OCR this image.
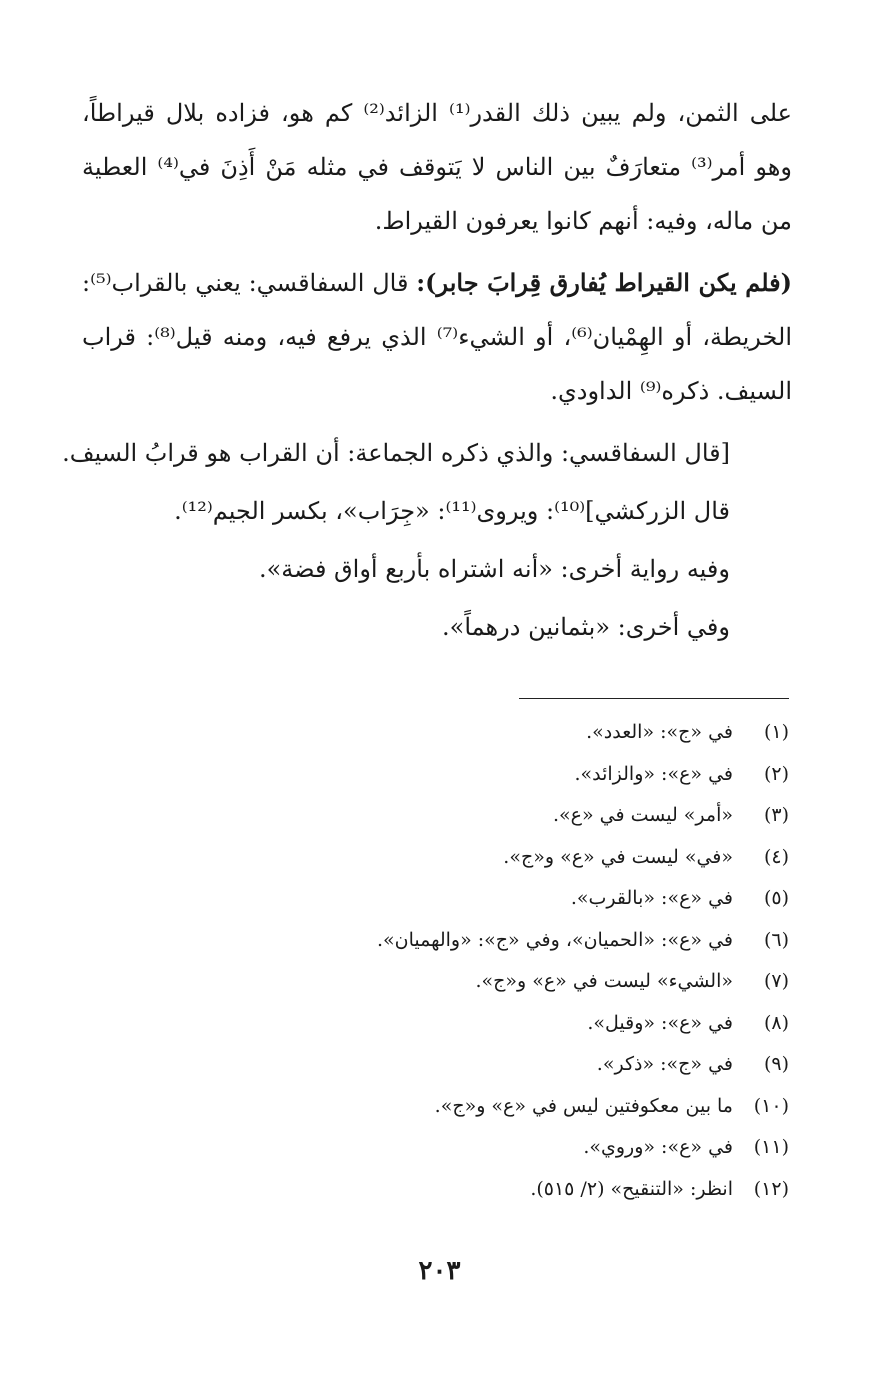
على الثمن، ولم يبين ذلك القدر⁽¹⁾ الزائد⁽²⁾ كم هو، فزاده بلال قيراطاً، وهو أمر⁽³⁾ متعارَفٌ بين الناس لا يَتوقف في مثله مَنْ أَذِنَ في⁽⁴⁾ العطية من ماله، وفيه: أنهم كانوا يعرفون القيراط.

(فلم يكن القيراط يُفارق قِرابَ جابر): قال السفاقسي: يعني بالقراب⁽⁵⁾: الخريطة، أو الهِمْيان⁽⁶⁾، أو الشيء⁽⁷⁾ الذي يرفع فيه، ومنه قيل⁽⁸⁾: قراب السيف. ذكره⁽⁹⁾ الداودي.

[قال السفاقسي: والذي ذكره الجماعة: أن القراب هو قرابُ السيف.

قال الزركشي]⁽¹⁰⁾: ويروى⁽¹¹⁾: «جِرَاب»، بكسر الجيم⁽¹²⁾.

وفيه رواية أخرى: «أنه اشتراه بأربع أواق فضة».

وفي أخرى: «بثمانين درهماً».

(١)
في «ج»: «العدد».
(٢)
في «ع»: «والزائد».
(٣)
«أمر» ليست في «ع».
(٤)
«في» ليست في «ع» و«ج».
(٥)
في «ع»: «بالقرب».
(٦)
في «ع»: «الحميان»، وفي «ج»: «والهميان».
(٧)
«الشيء» ليست في «ع» و«ج».
(٨)
في «ع»: «وقيل».
(٩)
في «ج»: «ذكر».
(١٠)
ما بين معكوفتين ليس في «ع» و«ج».
(١١)
في «ع»: «وروي».
(١٢)
انظر: «التنقيح» (٢/ ٥١٥).
٢٠٣
